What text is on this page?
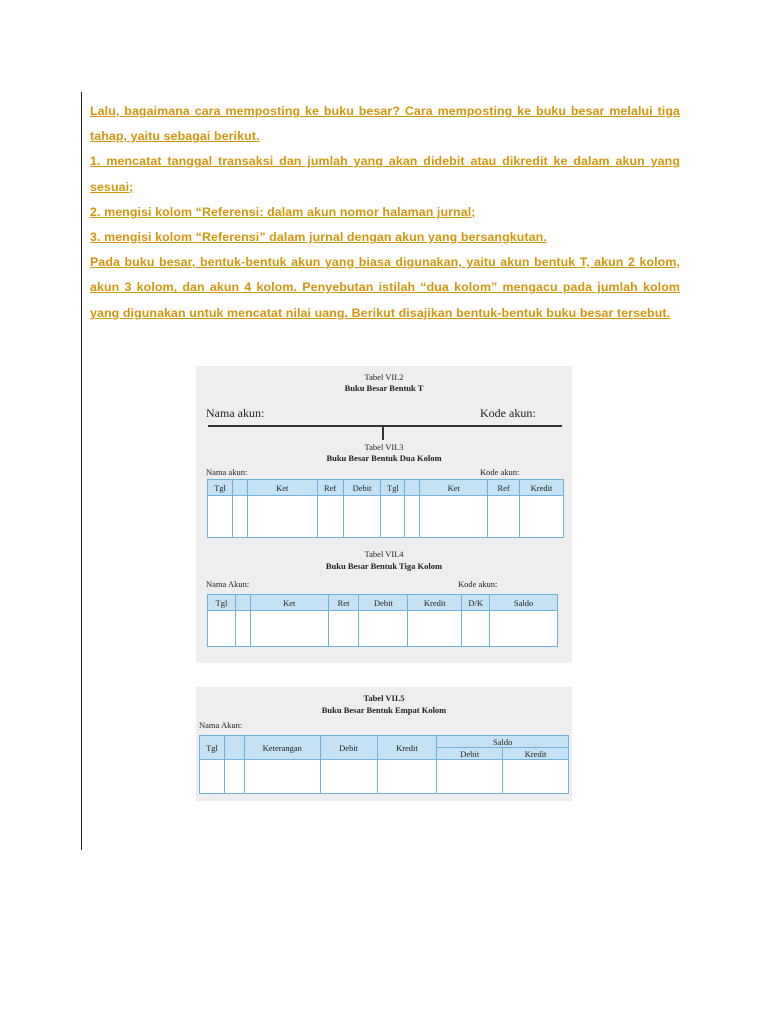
Lalu, bagaimana cara memposting ke buku besar? Cara memposting ke buku besar melalui tiga tahap, yaitu sebagai berikut.

1. mencatat tanggal transaksi dan jumlah yang akan didebit atau dikredit ke dalam akun yang sesuai;

2. mengisi kolom “Referensi: dalam akun nomor halaman jurnal;

3. mengisi kolom “Referensi” dalam jurnal dengan akun yang bersangkutan.

Pada buku besar, bentuk-bentuk akun yang biasa digunakan, yaitu akun bentuk T, akun 2 kolom, akun 3 kolom, dan akun 4 kolom. Penyebutan istilah “dua kolom” mengacu pada jumlah kolom yang digunakan untuk mencatat nilai uang. Berikut disajikan bentuk-bentuk buku besar tersebut.

Tabel VII.2
Buku Besar Bentuk T
Nama akun:	Kode akun:
Tabel VII.3
Buku Besar Bentuk Dua Kolom
Nama akun:	Kode akun:
Tgl		Ket	Ref	Debit	Tgl		Ket	Ref	Kredit

Tabel VII.4
Buku Besar Bentuk Tiga Kolom
Nama Akun:	Kode akun:
Tgl		Ket	Ret	Debit	Kredit	D/K	Saldo

Tabel VII.5
Buku Besar Bentuk Empat Kolom
Nama Akun:
Tgl		Keterangan	Debit	Kredit	Saldo	
					Debit	Kredit
